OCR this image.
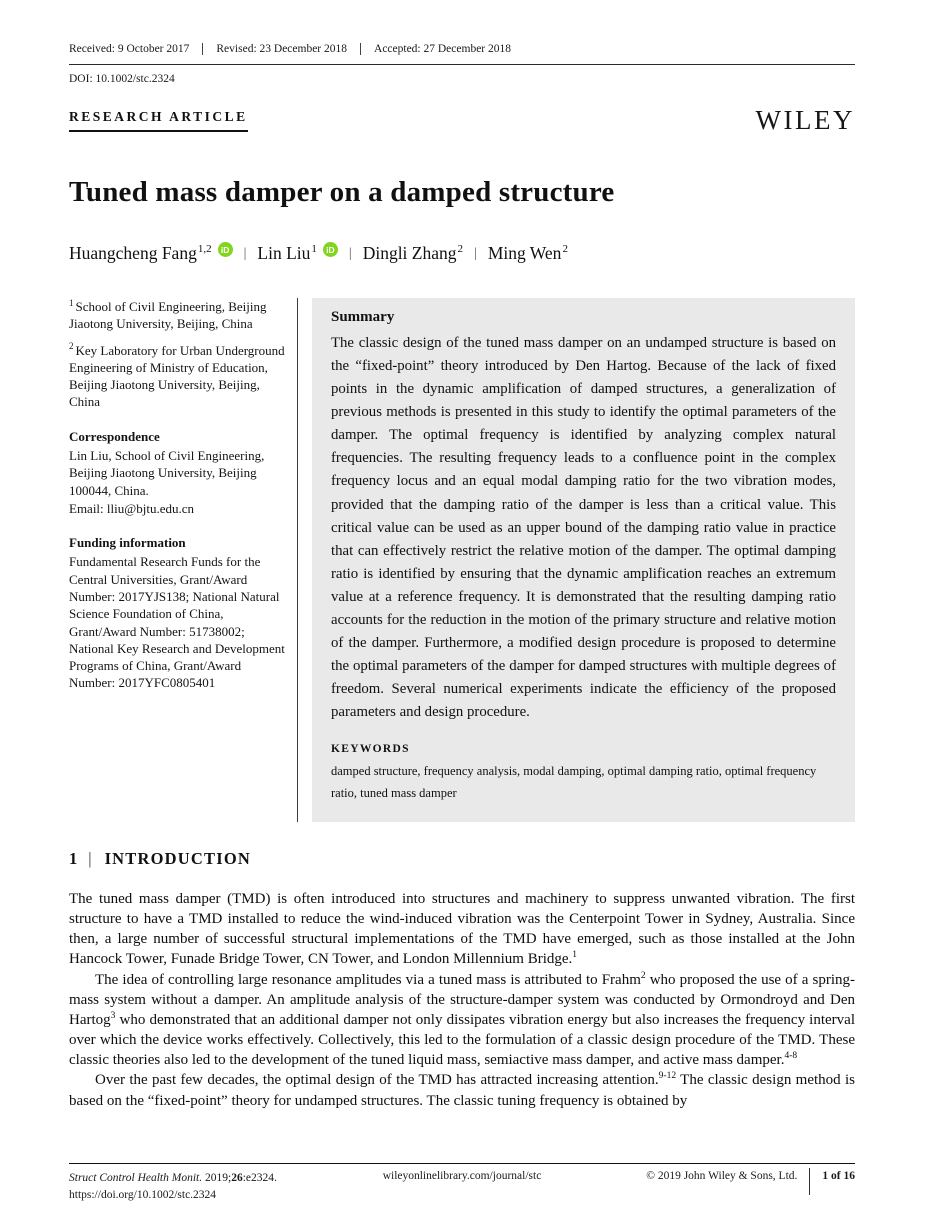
Received: 9 October 2017	Revised: 23 December 2018	Accepted: 27 December 2018
DOI: 10.1002/stc.2324
RESEARCH ARTICLE	WILEY
Tuned mass damper on a damped structure
Huangcheng Fang$^{1,2}$	iD | Lin Liu$^1$	iD | Dingli Zhang$^2$ | Ming Wen$^2$

$^1$ School of Civil Engineering, Beijing Jiaotong University, Beijing, China

$^2$ Key Laboratory for Urban Underground Engineering of Ministry of Education, Beijing Jiaotong University, Beijing, China

Correspondence

Lin Liu, School of Civil Engineering, Beijing Jiaotong University, Beijing 100044, China.

Email: lliu@bjtu.edu.cn

Funding information

Fundamental Research Funds for the Central Universities, Grant/Award Number: 2017YJS138; National Natural Science Foundation of China, Grant/Award Number: 51738002; National Key Research and Development Programs of China, Grant/Award Number: 2017YFC0805401

Summary

The classic design of the tuned mass damper on an undamped structure is based on the “fixed-point” theory introduced by Den Hartog. Because of the lack of fixed points in the dynamic amplification of damped structures, a generalization of previous methods is presented in this study to identify the optimal parameters of the damper. The optimal frequency is identified by analyzing complex natural frequencies. The resulting frequency leads to a confluence point in the complex frequency locus and an equal modal damping ratio for the two vibration modes, provided that the damping ratio of the damper is less than a critical value. This critical value can be used as an upper bound of the damping ratio value in practice that can effectively restrict the relative motion of the damper. The optimal damping ratio is identified by ensuring that the dynamic amplification reaches an extremum value at a reference frequency. It is demonstrated that the resulting damping ratio accounts for the reduction in the motion of the primary structure and relative motion of the damper. Furthermore, a modified design procedure is proposed to determine the optimal parameters of the damper for damped structures with multiple degrees of freedom. Several numerical experiments indicate the efficiency of the proposed parameters and design procedure.

KEYWORDS

damped structure, frequency analysis, modal damping, optimal damping ratio, optimal frequency ratio, tuned mass damper

1 | INTRODUCTION

The tuned mass damper (TMD) is often introduced into structures and machinery to suppress unwanted vibration. The first structure to have a TMD installed to reduce the wind-induced vibration was the Centerpoint Tower in Sydney, Australia. Since then, a large number of successful structural implementations of the TMD have emerged, such as those installed at the John Hancock Tower, Funade Bridge Tower, CN Tower, and London Millennium Bridge.$^1$

The idea of controlling large resonance amplitudes via a tuned mass is attributed to Frahm$^2$ who proposed the use of a spring-mass system without a damper. An amplitude analysis of the structure-damper system was conducted by Ormondroyd and Den Hartog$^3$ who demonstrated that an additional damper not only dissipates vibration energy but also increases the frequency interval over which the device works effectively. Collectively, this led to the formulation of a classic design procedure of the TMD. These classic theories also led to the development of the tuned liquid mass, semiactive mass damper, and active mass damper.$^{4-8}$

Over the past few decades, the optimal design of the TMD has attracted increasing attention.$^{9-12}$ The classic design method is based on the “fixed-point” theory for undamped structures. The classic tuning frequency is obtained by

Struct Control Health Monit. 2019;26:e2324.
https://doi.org/10.1002/stc.2324
wileyonlinelibrary.com/journal/stc	© 2019 John Wiley & Sons, Ltd. 1 of 16
